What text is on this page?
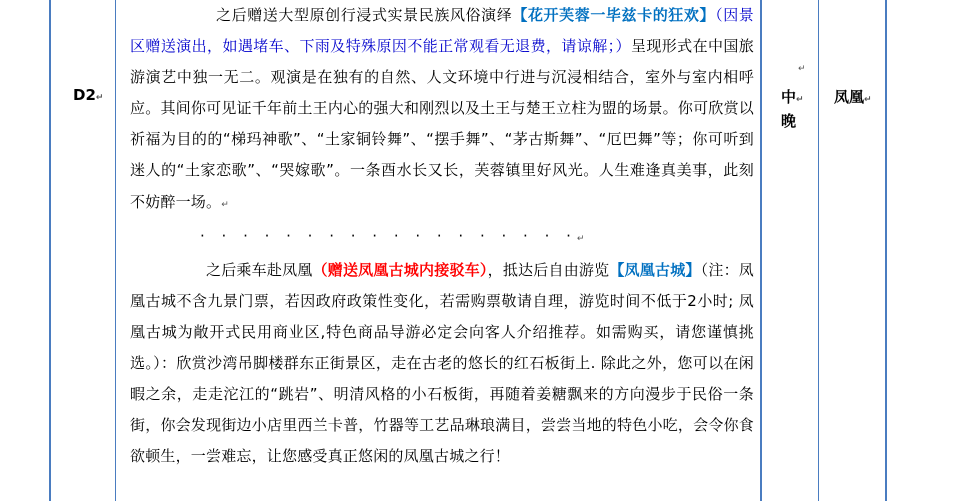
D2↵
↵
中↵
晚
凤凰↵

之后赠送大型原创行浸式实景民族风俗演绎【花开芙蓉一毕兹卡的狂欢】（因景区赠送演出，如遇堵车、下雨及特殊原因不能正常观看无退费，请谅解；）呈现形式在中国旅游演艺中独一无二。观演是在独有的自然、人文环境中行进与沉浸相结合，室外与室内相呼应。其间你可见证千年前土王内心的强大和刚烈以及土王与楚王立柱为盟的场景。你可欣赏以祈福为目的的“梯玛神歌”、“土家铜铃舞”、“摆手舞”、“茅古斯舞”、“厄巴舞”等；你可听到迷人的“土家恋歌”、“哭嫁歌”。一条酉水长又长，芙蓉镇里好风光。人生难逢真美事，此刻不妨醉一场。↵

· · · · · · · · · · · · · · · · · ·↵

之后乘车赴凤凰（赠送凤凰古城内接驳车），抵达后自由游览【凤凰古城】（注：凤凰古城不含九景门票，若因政府政策性变化，若需购票敬请自理，游览时间不低于2小时; 凤凰古城为敞开式民用商业区,特色商品导游必定会向客人介绍推荐。如需购买，请您谨慎挑选。）：欣赏沙湾吊脚楼群东正街景区，走在古老的悠长的红石板街上. 除此之外，您可以在闲暇之余，走走沱江的“跳岩”、明清风格的小石板街，再随着姜糖飘来的方向漫步于民俗一条街，你会发现街边小店里西兰卡普，竹器等工艺品琳琅满目，尝尝当地的特色小吃，会令你食欲顿生，一尝难忘，让您感受真正悠闲的凤凰古城之行！
